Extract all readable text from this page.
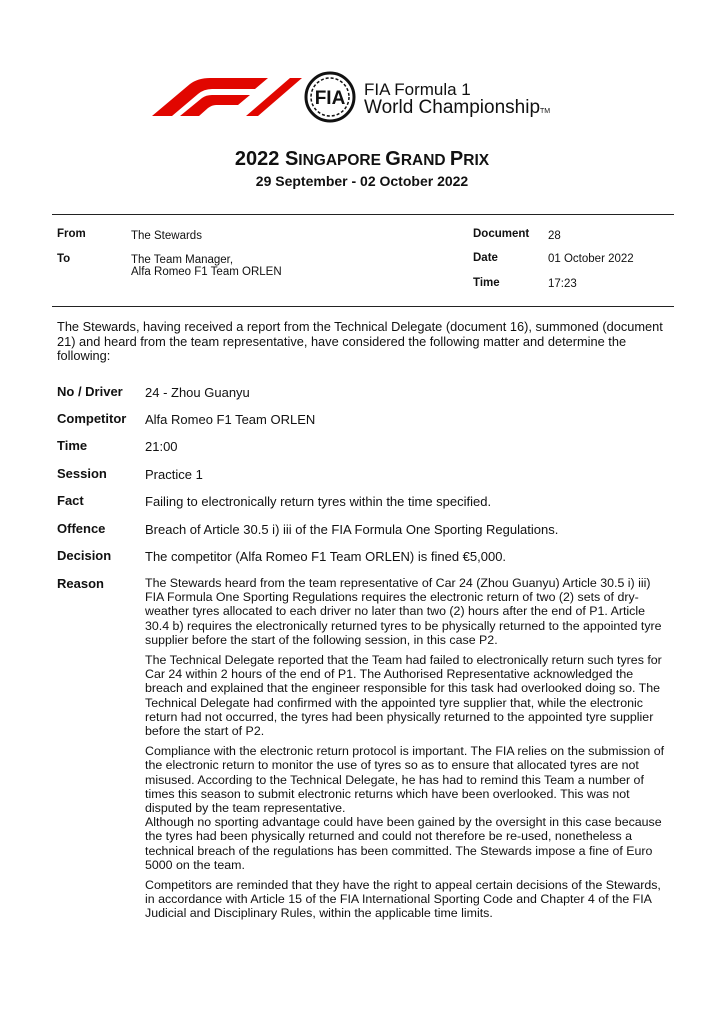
FIA FIA Formula 1
World ChampionshipTM
2022 SINGAPORE GRAND PRIX
29 September - 02 October 2022
From	The Stewards
To	The Team Manager,
Alfa Romeo F1 Team ORLEN
Document 28
Date	01 October 2022
Time	17:23
The Stewards, having received a report from the Technical Delegate (document 16), summoned (document 21) and heard from the team representative, have considered the following matter and determine the following:
No / Driver 24 - Zhou Guanyu
Competitor Alfa Romeo F1 Team ORLEN
Time	21:00
Session	Practice 1
Fact	Failing to electronically return tyres within the time specified.
Offence	Breach of Article 30.5 i) iii of the FIA Formula One Sporting Regulations.
Decision	The competitor (Alfa Romeo F1 Team ORLEN) is fined €5,000.
Reason	The Stewards heard from the team representative of Car 24 (Zhou Guanyu) Article 30.5 i) iii) FIA Formula One Sporting Regulations requires the electronic return of two (2) sets of dry-weather tyres allocated to each driver no later than two (2) hours after the end of P1. Article 30.4 b) requires the electronically returned tyres to be physically returned to the appointed tyre supplier before the start of the following session, in this case P2.

The Technical Delegate reported that the Team had failed to electronically return such tyres for Car 24 within 2 hours of the end of P1. The Authorised Representative acknowledged the breach and explained that the engineer responsible for this task had overlooked doing so. The Technical Delegate had confirmed with the appointed tyre supplier that, while the electronic return had not occurred, the tyres had been physically returned to the appointed tyre supplier before the start of P2.

Compliance with the electronic return protocol is important. The FIA relies on the submission of the electronic return to monitor the use of tyres so as to ensure that allocated tyres are not misused. According to the Technical Delegate, he has had to remind this Team a number of times this season to submit electronic returns which have been overlooked. This was not disputed by the team representative.

Although no sporting advantage could have been gained by the oversight in this case because the tyres had been physically returned and could not therefore be re-used, nonetheless a technical breach of the regulations has been committed. The Stewards impose a fine of Euro 5000 on the team.

Competitors are reminded that they have the right to appeal certain decisions of the Stewards, in accordance with Article 15 of the FIA International Sporting Code and Chapter 4 of the FIA Judicial and Disciplinary Rules, within the applicable time limits.
